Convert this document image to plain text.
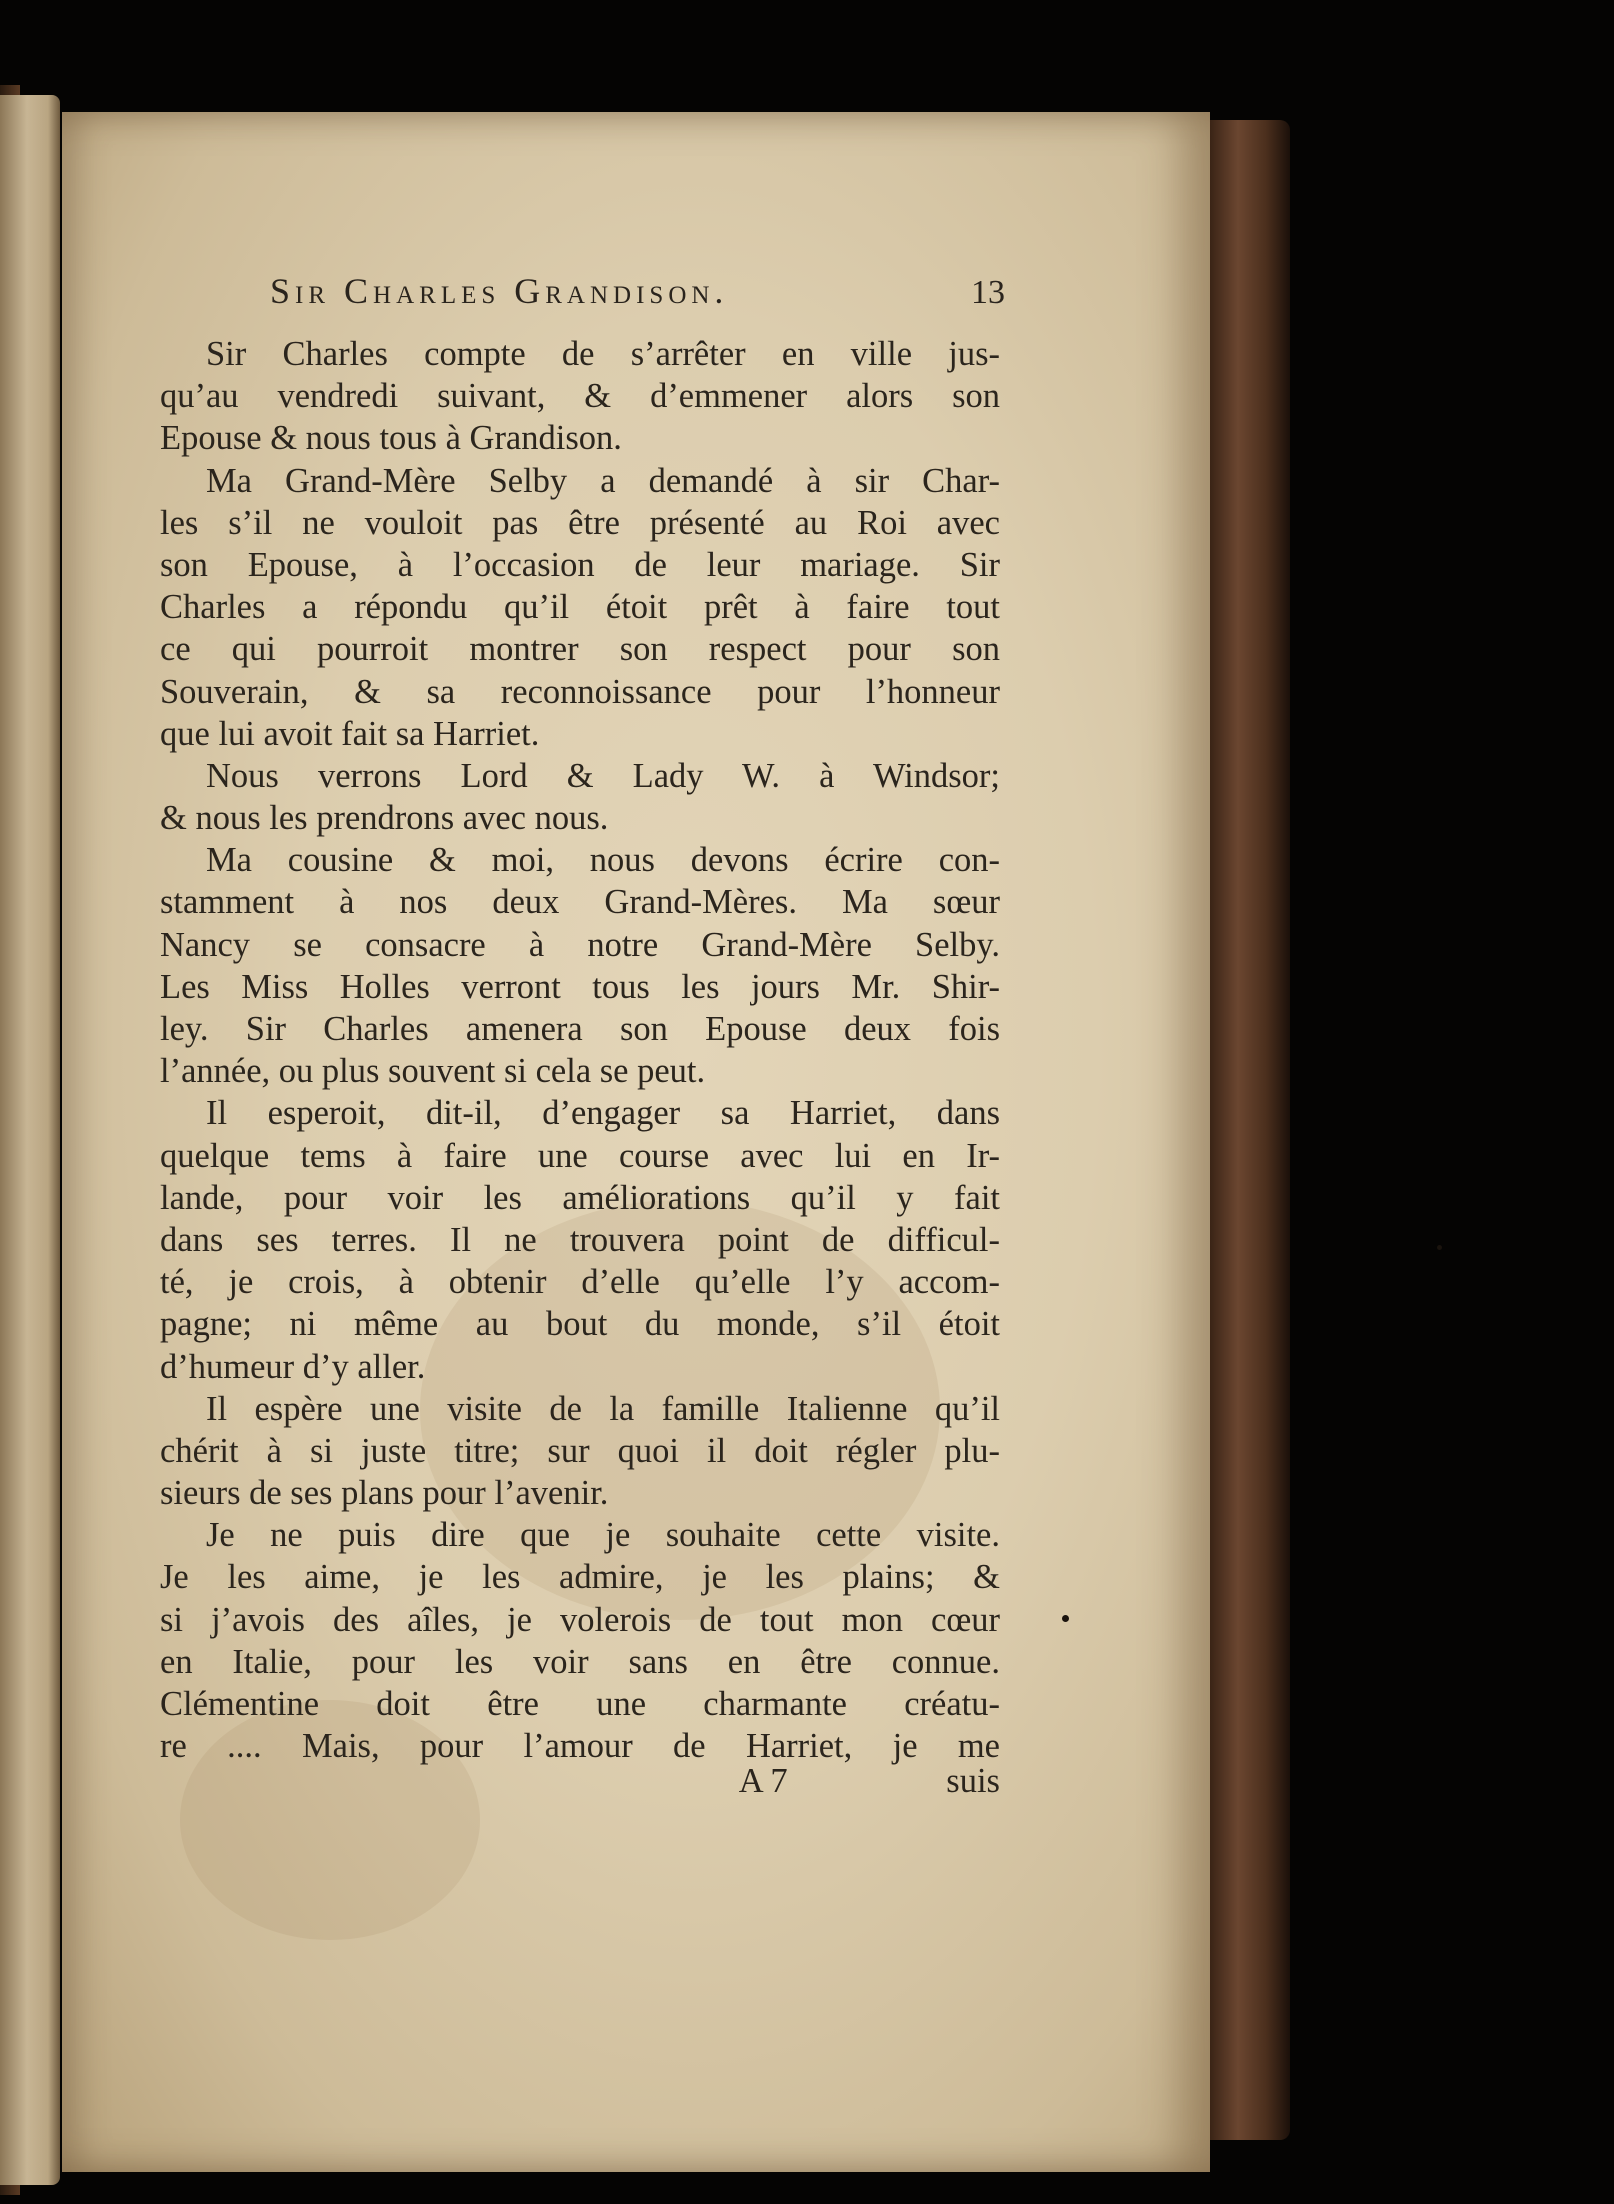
Sir Charles Grandison.	13
Sir Charles compte de s’arrêter en ville jus-
qu’au vendredi suivant, & d’emmener alors son
Epouse & nous tous à Grandison.
Ma Grand-Mère Selby a demandé à sir Char-
les s’il ne vouloit pas être présenté au Roi avec
son Epouse, à l’occasion de leur mariage. Sir
Charles a répondu qu’il étoit prêt à faire tout
ce qui pourroit montrer son respect pour son
Souverain, & sa reconnoissance pour l’honneur
que lui avoit fait sa Harriet.
Nous verrons Lord & Lady W. à Windsor;
& nous les prendrons avec nous.
Ma cousine & moi, nous devons écrire con-
stamment à nos deux Grand-Mères. Ma sœur
Nancy se consacre à notre Grand-Mère Selby.
Les Miss Holles verront tous les jours Mr. Shir-
ley. Sir Charles amenera son Epouse deux fois
l’année, ou plus souvent si cela se peut.
Il esperoit, dit-il, d’engager sa Harriet, dans
quelque tems à faire une course avec lui en Ir-
lande, pour voir les améliorations qu’il y fait
dans ses terres. Il ne trouvera point de difficul-
té, je crois, à obtenir d’elle qu’elle l’y accom-
pagne; ni même au bout du monde, s’il étoit
d’humeur d’y aller.
Il espère une visite de la famille Italienne qu’il
chérit à si juste titre; sur quoi il doit régler plu-
sieurs de ses plans pour l’avenir.
Je ne puis dire que je souhaite cette visite.
Je les aime, je les admire, je les plains; &
si j’avois des aîles, je volerois de tout mon cœur
en Italie, pour les voir sans en être connue.
Clémentine doit être une charmante créatu-
re .... Mais, pour l’amour de Harriet, je me
A 7	suis
